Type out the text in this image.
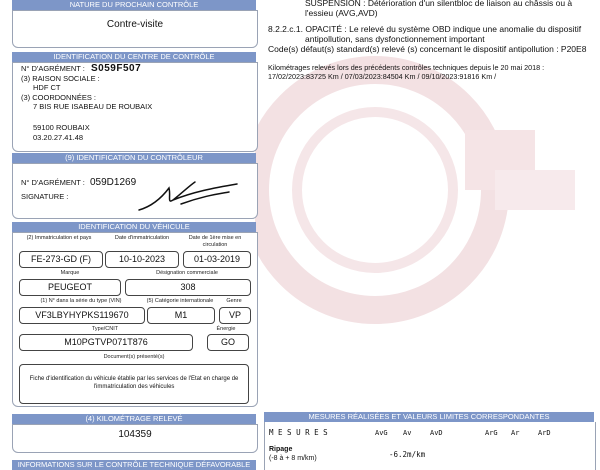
NATURE DU PROCHAIN CONTRÔLE
Contre-visite
IDENTIFICATION DU CENTRE DE CONTRÔLE
N° D'AGRÉMENT : S059F507
(3) RAISON SOCIALE :
HDF CT
(3) COORDONNÉES :
7 BIS RUE ISABEAU DE ROUBAIX
59100 ROUBAIX
03.20.27.41.48
(9) IDENTIFICATION DU CONTRÔLEUR
N° D'AGRÉMENT : 059D1269
SIGNATURE :
IDENTIFICATION DU VÉHICULE
(2) Immatriculation et pays	Date d'immatriculation	Date de 1ère mise en circulation
FE-273-GD (F)	10-10-2023	01-03-2019
Marque	Désignation commerciale
PEUGEOT	308
(1) N° dans la série du type (VIN)	(5) Catégorie internationale	Genre
VF3LBYHYPKS119670	M1	VP
Type/CNIT	Énergie
M10PGTVP071T876	GO
Document(s) présenté(s)
Fiche d'identification du véhicule établie par les services de l'Etat en charge de l'immatriculation des véhicules
(4) KILOMÉTRAGE RELEVÉ
104359
INFORMATIONS SUR LE CONTRÔLE TECHNIQUE DÉFAVORABLE
SUSPENSION : Détérioration d'un silentbloc de liaison au châssis ou à
l'essieu (AVG,AVD)
8.2.2.c.1. OPACITÉ : Le relevé du système OBD indique une anomalie du dispositif
antipollution, sans dysfonctionnement important
Code(s) défaut(s) standard(s) relevé (s) concernant le dispositif antipollution : P20E8
Kilométrages relevés lors des précédents contrôles techniques depuis le 20 mai 2018 :
17/02/2023:83725 Km / 07/03/2023:84504 Km / 09/10/2023:91816 Km /
MESURES RÉALISÉES ET VALEURS LIMITES CORRESPONDANTES
M E S U R E S	AvG Av	AvD	ArG Ar	ArD
Ripage
(-8 à + 8 m/km)	-6.2m/km
